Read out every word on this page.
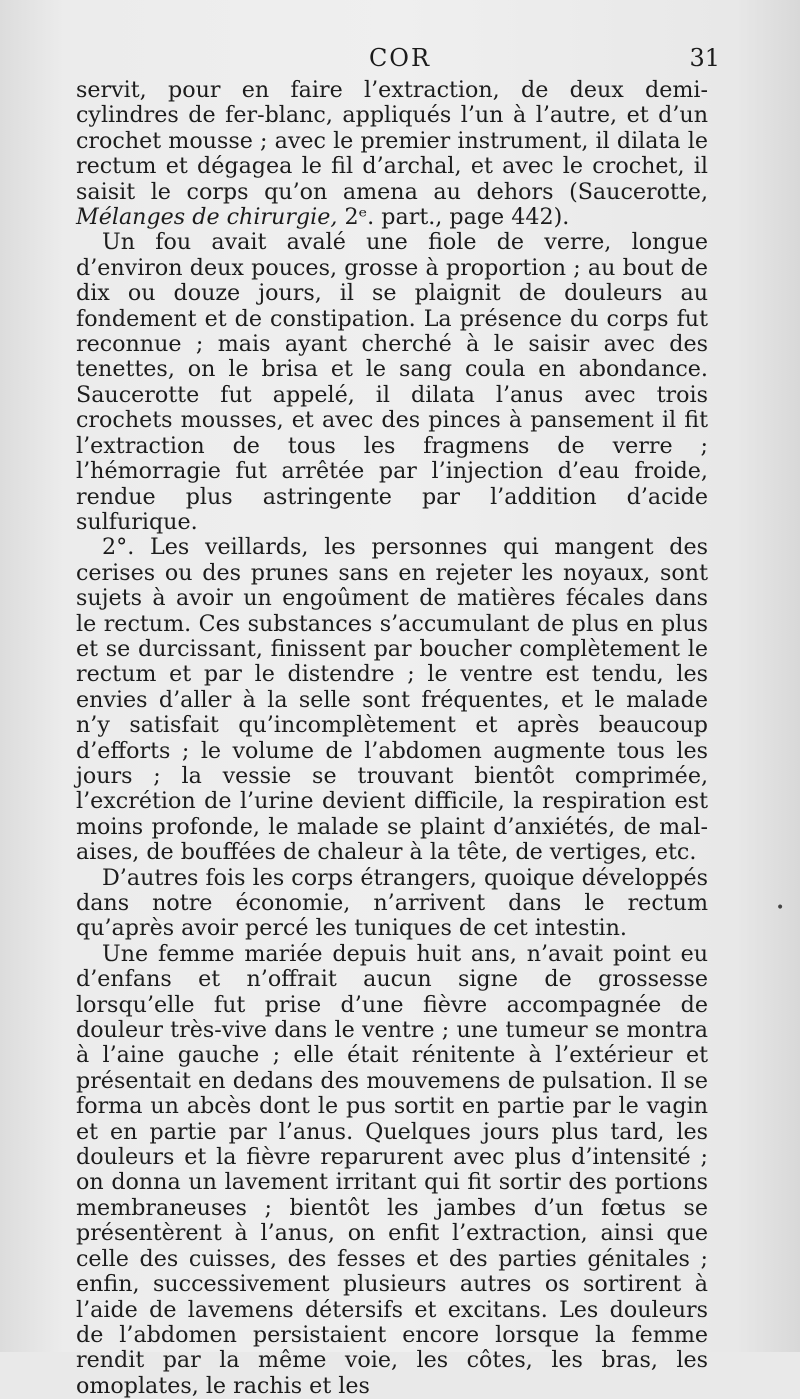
COR	31

servit, pour en faire l’extraction, de deux demi-cylindres de fer-blanc, appliqués l’un à l’autre, et d’un crochet mousse ; avec le premier instrument, il dilata le rectum et dégagea le fil d’archal, et avec le crochet, il saisit le corps qu’on amena au dehors (Saucerotte, Mélanges de chirurgie, 2ᵉ. part., page 442).

Un fou avait avalé une fiole de verre, longue d’environ deux pouces, grosse à proportion ; au bout de dix ou douze jours, il se plaignit de douleurs au fondement et de constipation. La présence du corps fut reconnue ; mais ayant cherché à le saisir avec des tenettes, on le brisa et le sang coula en abondance. Saucerotte fut appelé, il dilata l’anus avec trois crochets mousses, et avec des pinces à pansement il fit l’extraction de tous les fragmens de verre ; l’hémorragie fut arrêtée par l’injection d’eau froide, rendue plus astringente par l’addition d’acide sulfurique.

2°. Les veillards, les personnes qui mangent des cerises ou des prunes sans en rejeter les noyaux, sont sujets à avoir un engoûment de matières fécales dans le rectum. Ces substances s’accumulant de plus en plus et se durcissant, finissent par boucher complètement le rectum et par le distendre ; le ventre est tendu, les envies d’aller à la selle sont fréquentes, et le malade n’y satisfait qu’incomplètement et après beaucoup d’efforts ; le volume de l’abdomen augmente tous les jours ; la vessie se trouvant bientôt comprimée, l’excrétion de l’urine devient difficile, la respiration est moins profonde, le malade se plaint d’anxiétés, de mal-aises, de bouffées de chaleur à la tête, de vertiges, etc.

D’autres fois les corps étrangers, quoique développés dans notre économie, n’arrivent dans le rectum qu’après avoir percé les tuniques de cet intestin.

Une femme mariée depuis huit ans, n’avait point eu d’enfans et n’offrait aucun signe de grossesse lorsqu’elle fut prise d’une fièvre accompagnée de douleur très-vive dans le ventre ; une tumeur se montra à l’aine gauche ; elle était rénitente à l’extérieur et présentait en dedans des mouvemens de pulsation. Il se forma un abcès dont le pus sortit en partie par le vagin et en partie par l’anus. Quelques jours plus tard, les douleurs et la fièvre reparurent avec plus d’intensité ; on donna un lavement irritant qui fit sortir des portions membraneuses ; bientôt les jambes d’un fœtus se présentèrent à l’anus, on enfit l’extraction, ainsi que celle des cuisses, des fesses et des parties génitales ; enfin, successivement plusieurs autres os sortirent à l’aide de lavemens détersifs et excitans. Les douleurs de l’abdomen persistaient encore lorsque la femme rendit par la même voie, les côtes, les bras, les omoplates, le rachis et les

•
